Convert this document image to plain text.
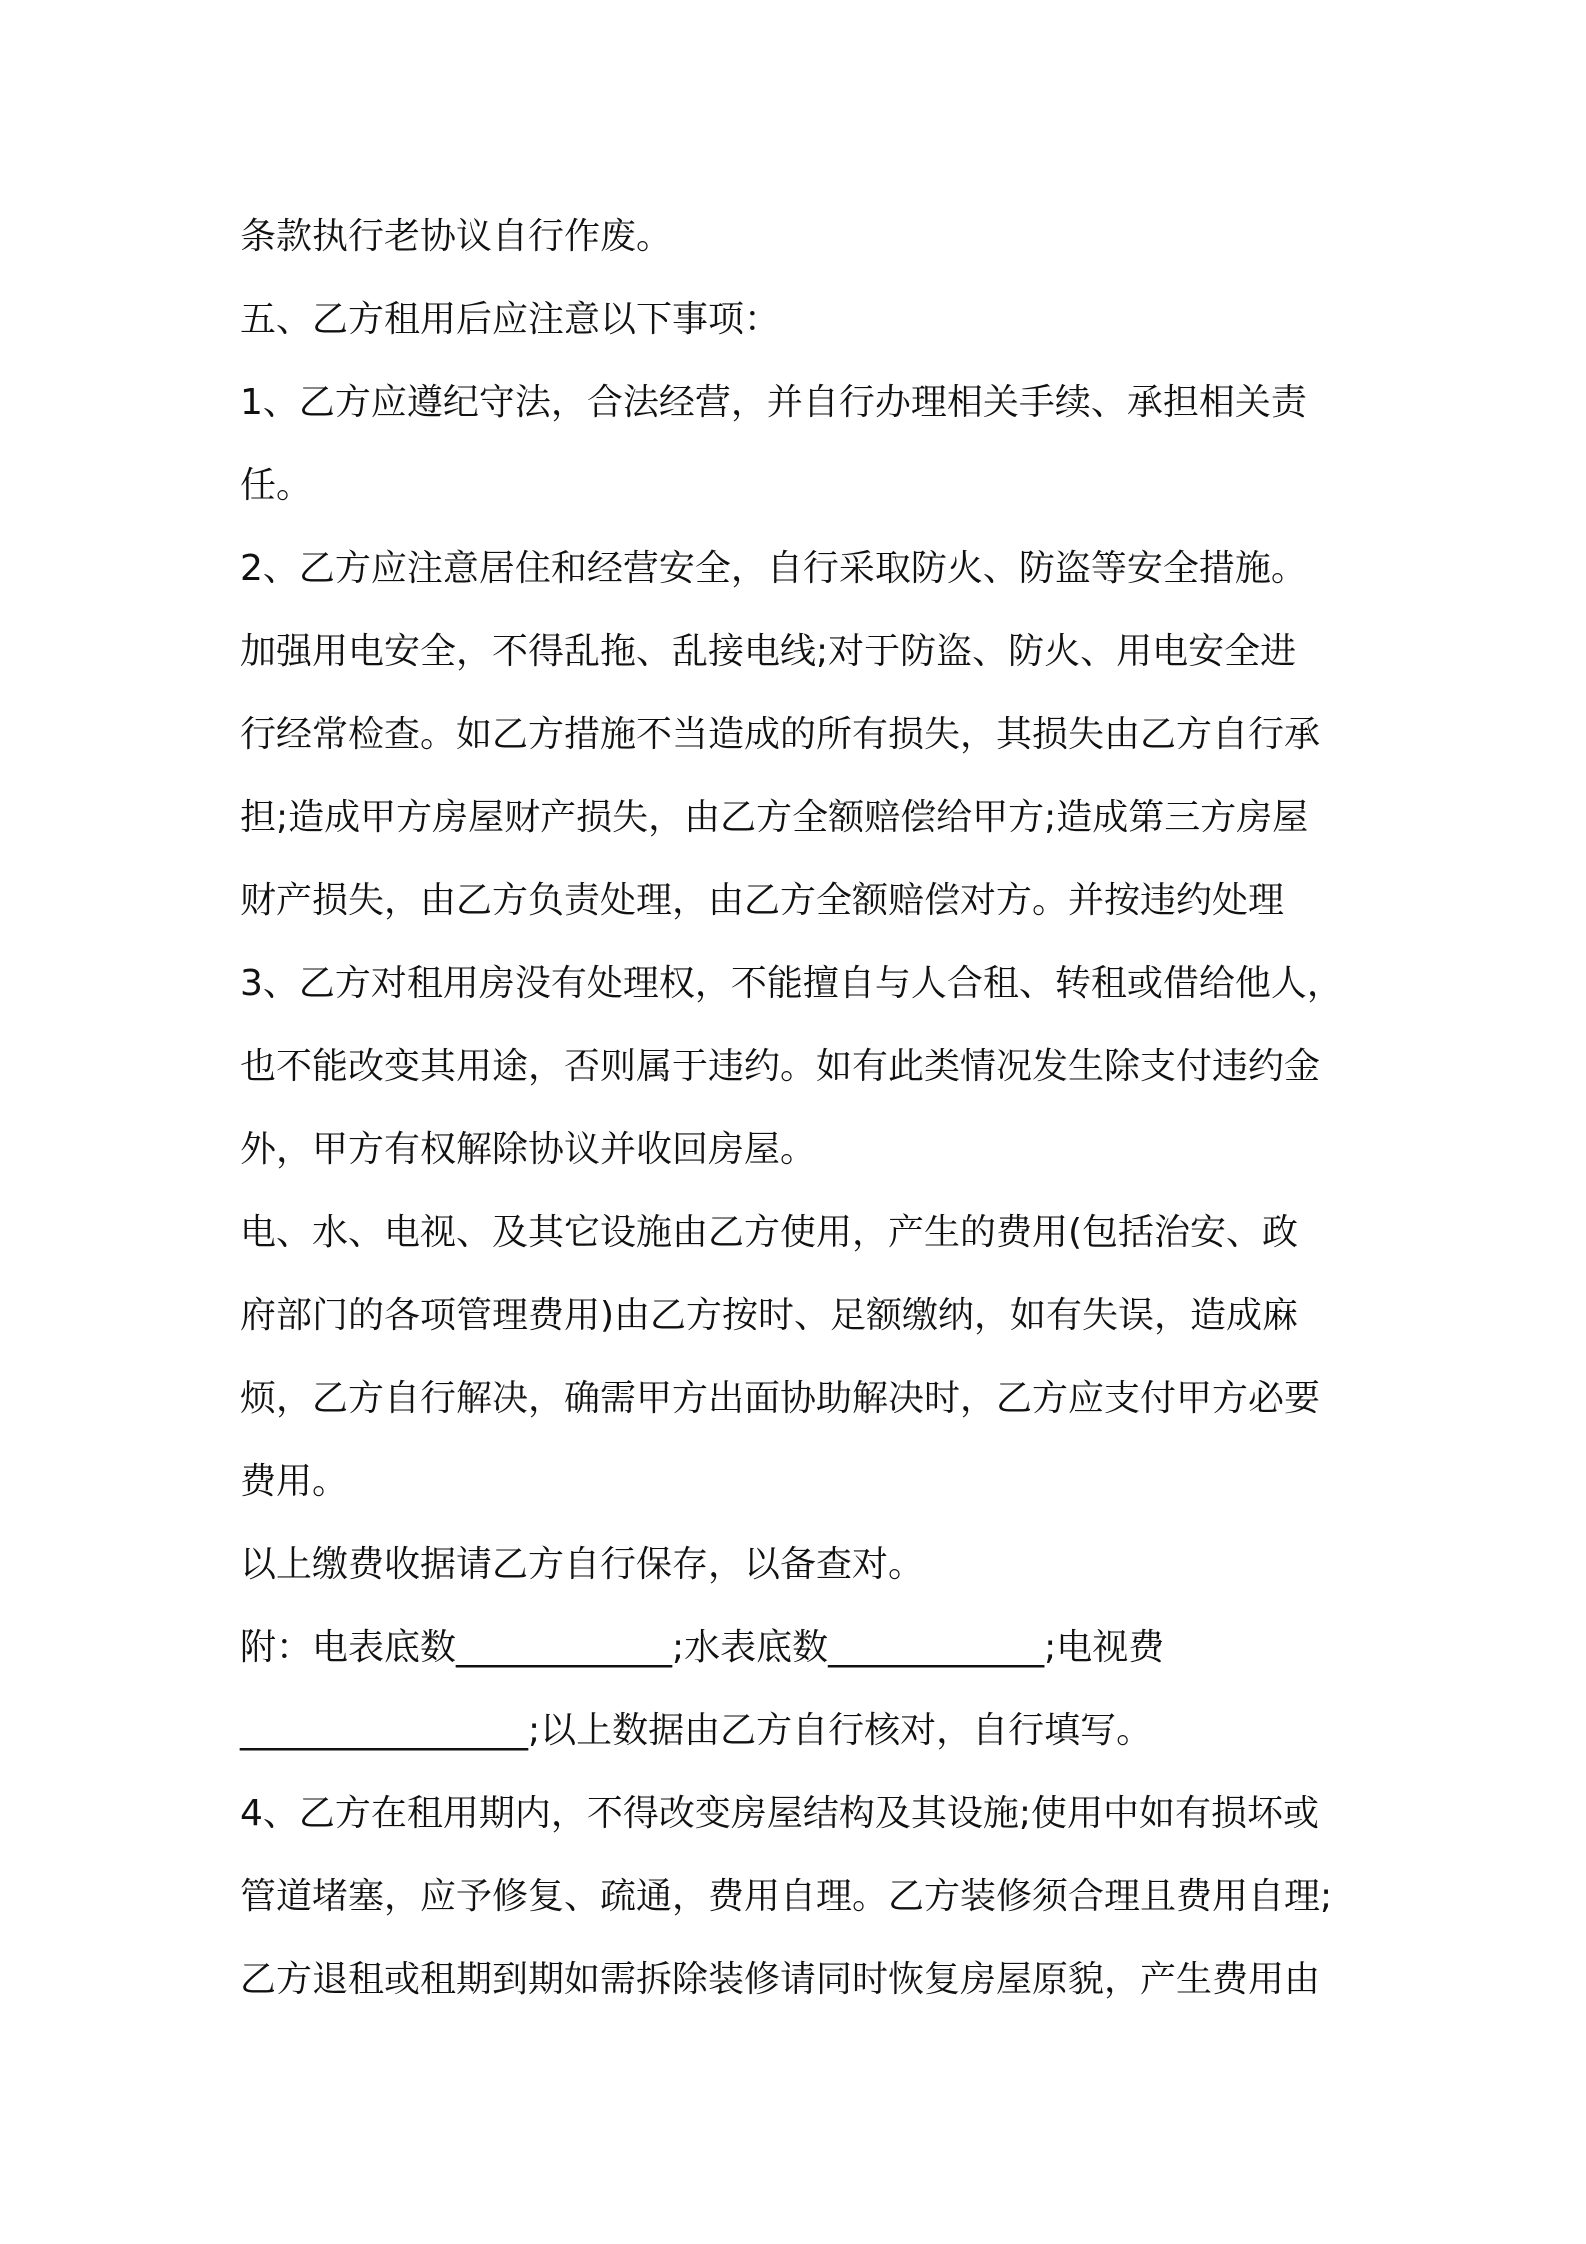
条款执行老协议自行作废。
五、乙方租用后应注意以下事项：
1、乙方应遵纪守法，合法经营，并自行办理相关手续、承担相关责
任。
2、乙方应注意居住和经营安全，自行采取防火、防盗等安全措施。
加强用电安全，不得乱拖、乱接电线;对于防盗、防火、用电安全进
行经常检查。如乙方措施不当造成的所有损失，其损失由乙方自行承
担;造成甲方房屋财产损失，由乙方全额赔偿给甲方;造成第三方房屋
财产损失，由乙方负责处理，由乙方全额赔偿对方。并按违约处理
3、乙方对租用房没有处理权，不能擅自与人合租、转租或借给他人，
也不能改变其用途，否则属于违约。如有此类情况发生除支付违约金
外，甲方有权解除协议并收回房屋。
电、水、电视、及其它设施由乙方使用，产生的费用(包括治安、政
府部门的各项管理费用)由乙方按时、足额缴纳，如有失误，造成麻
烦，乙方自行解决，确需甲方出面协助解决时，乙方应支付甲方必要
费用。
以上缴费收据请乙方自行保存，以备查对。
附：电表底数____________;水表底数____________;电视费
________________;以上数据由乙方自行核对，自行填写。
4、乙方在租用期内，不得改变房屋结构及其设施;使用中如有损坏或
管道堵塞，应予修复、疏通，费用自理。乙方装修须合理且费用自理;
乙方退租或租期到期如需拆除装修请同时恢复房屋原貌，产生费用由
